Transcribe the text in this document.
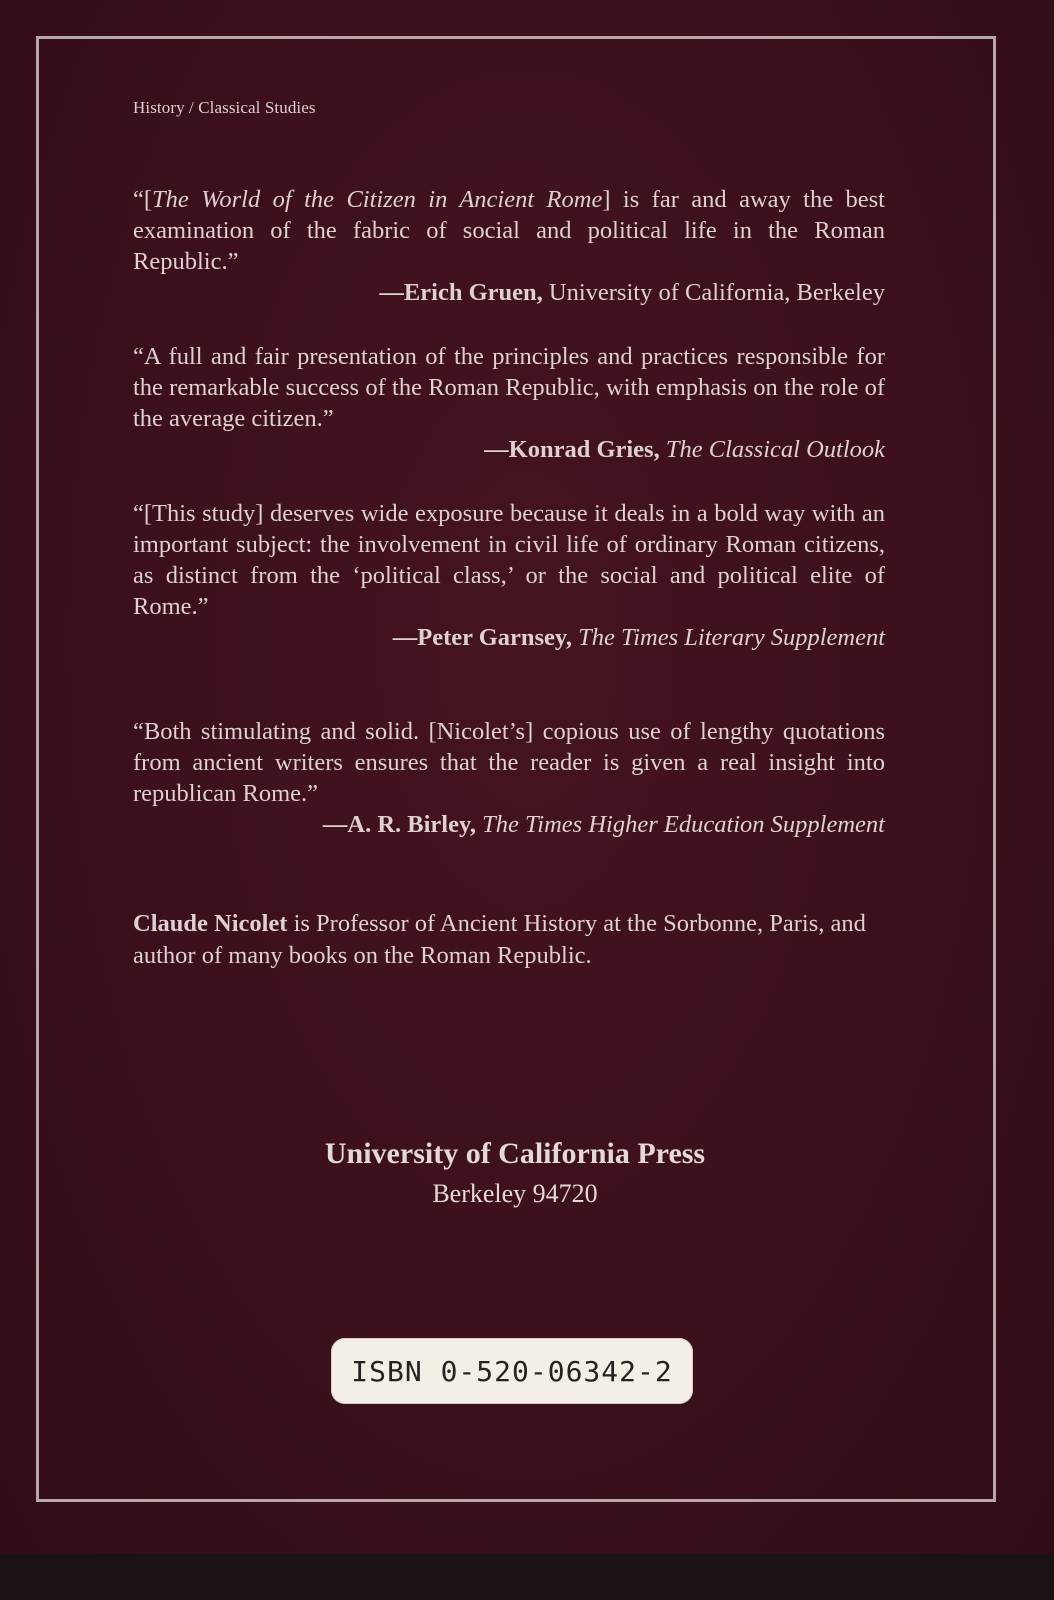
History / Classical Studies

“[The World of the Citizen in Ancient Rome] is far and away the best examination of the fabric of social and political life in the Roman Republic.”

—Erich Gruen, University of California, Berkeley

“A full and fair presentation of the principles and practices responsible for the remarkable success of the Roman Republic, with emphasis on the role of the average citizen.”

—Konrad Gries, The Classical Outlook

“[This study] deserves wide exposure because it deals in a bold way with an important subject: the involvement in civil life of ordinary Roman citizens, as distinct from the ‘political class,’ or the social and political elite of Rome.”

—Peter Garnsey, The Times Literary Supplement

“Both stimulating and solid. [Nicolet’s] copious use of lengthy quotations from ancient writers ensures that the reader is given a real insight into republican Rome.”

—A. R. Birley, The Times Higher Education Supplement

Claude Nicolet is Professor of Ancient History at the Sorbonne, Paris, and author of many books on the Roman Republic.

University of California Press
Berkeley 94720
ISBN 0-520-06342-2
